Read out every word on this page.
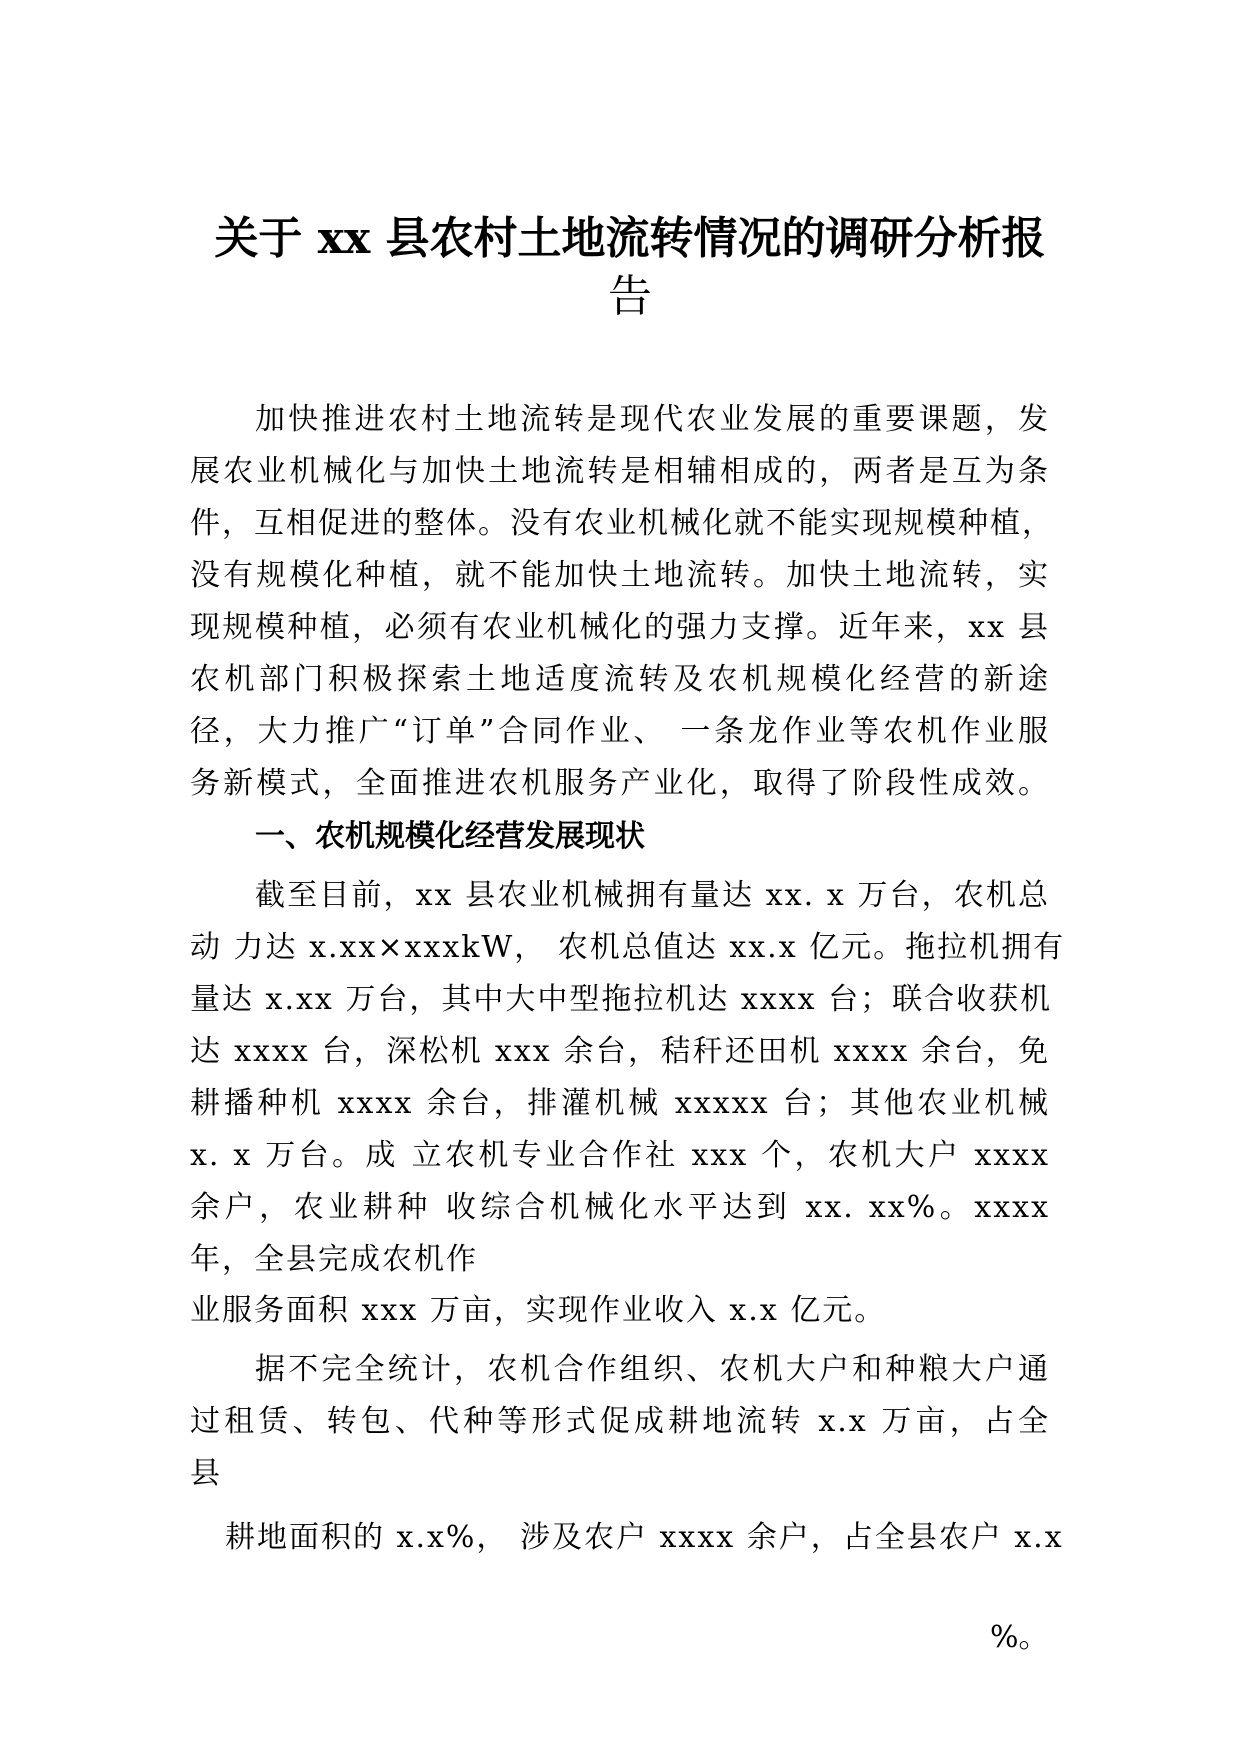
关于 xx 县农村土地流转情况的调研分析报
告
加快推进农村土地流转是现代农业发展的重要课题，发
展农业机械化与加快土地流转是相辅相成的，两者是互为条
件，互相促进的整体。没有农业机械化就不能实现规模种植，
没有规模化种植，就不能加快土地流转。加快土地流转，实
现规模种植，必须有农业机械化的强力支撑。近年来，xx 县
农机部门积极探索土地适度流转及农机规模化经营的新途
径，大力推广“订单”合同作业、 一条龙作业等农机作业服
务新模式，全面推进农机服务产业化，取得了阶段性成效。
一、农机规模化经营发展现状
截至目前，xx 县农业机械拥有量达 xx. x 万台，农机总
动 力达 x.xx×xxxkW， 农机总值达 xx.x 亿元。拖拉机拥有
量达 x.xx 万台，其中大中型拖拉机达 xxxx 台；联合收获机
达 xxxx 台，深松机 xxx 余台，秸秆还田机 xxxx 余台，免
耕播种机 xxxx 余台，排灌机械 xxxxx 台；其他农业机械
x. x 万台。成 立农机专业合作社 xxx 个，农机大户 xxxx
余户，农业耕种 收综合机械化水平达到 xx. xx%。xxxx
年，全县完成农机作
业服务面积 xxx 万亩，实现作业收入 x.x 亿元。
据不完全统计，农机合作组织、农机大户和种粮大户通
过租赁、转包、代种等形式促成耕地流转 x.x 万亩，占全
县
耕地面积的 x.x%， 涉及农户 xxxx 余户，占全县农户 x.x
%。
